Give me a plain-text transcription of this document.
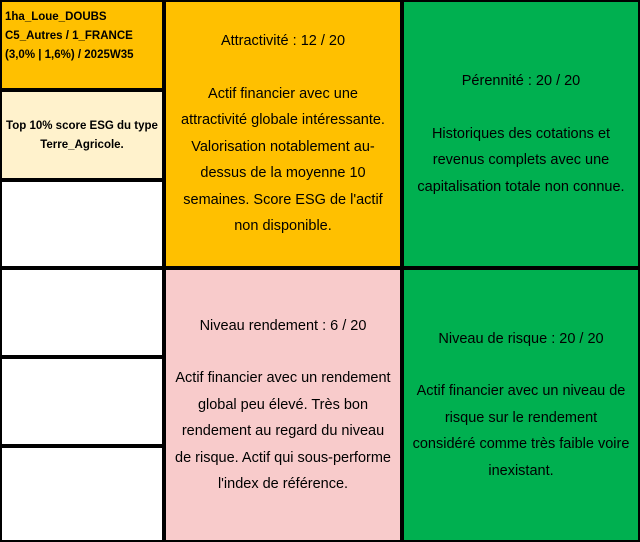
1ha_Loue_DOUBS
C5_Autres / 1_FRANCE
(3,0% | 1,6%) / 2025W35
Top 10% score ESG du type
Terre_Agricole.
Attractivité : 12 / 20
Actif financier avec une attractivité globale intéressante. Valorisation notablement au-dessus de la moyenne 10 semaines. Score ESG de l'actif non disponible.
Pérennité : 20 / 20
Historiques des cotations et revenus complets avec une capitalisation totale non connue.
Niveau rendement : 6 / 20
Actif financier avec un rendement global peu élevé. Très bon rendement au regard du niveau de risque. Actif qui sous-performe l'index de référence.
Niveau de risque : 20 / 20
Actif financier avec un niveau de risque sur le rendement considéré comme très faible voire inexistant.
